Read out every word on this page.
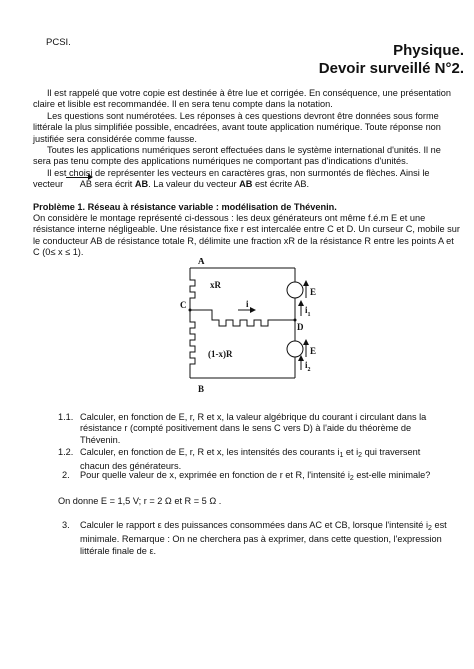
PCSI.	Physique.
Devoir surveillé N°2.
Il est rappelé que votre copie est destinée à être lue et corrigée. En conséquence, une présentation claire et lisible est recommandée. Il en sera tenu compte dans la notation.
Les questions sont numérotées. Les réponses à ces questions devront être données sous forme littérale la plus simplifiée possible, encadrées, avant toute application numérique. Toute réponse non justifiée sera considérée comme fausse.
Toutes les applications numériques seront effectuées dans le système international d'unités. Il ne sera pas tenu compte des applications numériques ne comportant pas d'indications d'unités.
Il est choisi de représenter les vecteurs en caractères gras, non surmontés de flèches. Ainsi le vecteur AB sera écrit AB. La valeur du vecteur AB est écrite AB.
Problème 1. Réseau à résistance variable : modélisation de Thévenin.
On considère le montage représenté ci-dessous : les deux générateurs ont même f.é.m E et une résistance interne négligeable. Une résistance fixe r est intercalée entre C et D. Un curseur C, mobile sur le conducteur AB de résistance totale R, délimite une fraction xR de la résistance R entre les points A et C (0≤ x ≤ 1).
A
B
C
D
xR
(1-x)R
i
E
E
$i_1$
$i_2$
1.1. Calculer, en fonction de E, r, R et x, la valeur algébrique du courant i circulant dans la
résistance r (compté positivement dans le sens C vers D) à l'aide du théorème de
Thévenin.
1.2. Calculer, en fonction de E, r, R et x, les intensités des courants $i_1$ et $i_2$ qui traversent
chacun des générateurs.
2. Pour quelle valeur de x, exprimée en fonction de r et R, l'intensité $i_2$ est-elle minimale?
On donne E = 1,5 V; r = 2 Ω et R = 5 Ω .
3. Calculer le rapport ε des puissances consommées dans AC et CB, lorsque l'intensité $i_2$ est
minimale. Remarque : On ne cherchera pas à exprimer, dans cette question, l'expression
littérale finale de ε.
